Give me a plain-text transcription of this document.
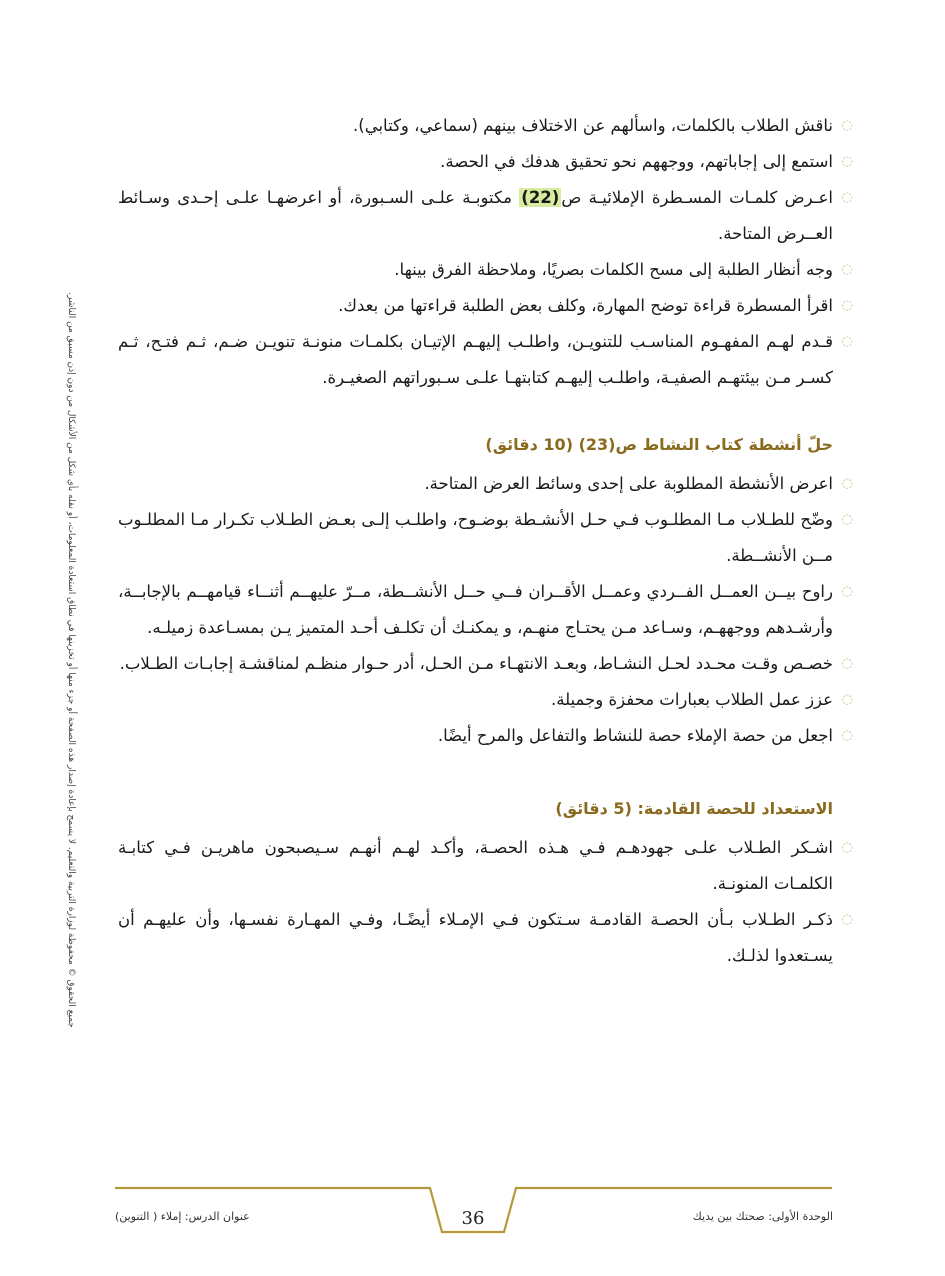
◌
ناقش الطلاب بالكلمات، واسألهم عن الاختلاف بينهم (سماعي، وكتابي).
◌
استمع إلى إجاباتهم، ووجههم نحو تحقيق هدفك في الحصة.
◌
اعـرض كلمـات المسـطرة الإملائيـة ص(22) مكتوبـة علـى السـبورة، أو اعرضهـا علـى إحـدى وسـائط العــرض المتاحة.
◌
وجه أنظار الطلبة إلى مسح الكلمات بصريًا، وملاحظة الفرق بينها.
◌
اقرأ المسطرة قراءة توضح المهارة، وكلف بعض الطلبة قراءتها من بعدك.
◌
قـدم لهـم المفهـوم المناسـب للتنويـن، واطلـب إليهـم الإتيـان بكلمـات منونـة تنويـن ضـم، ثـم فتـح، ثـم كسـر مـن بيئتهـم الصفيـة، واطلـب إليهـم كتابتهـا علـى سـبوراتهم الصغيـرة.
حلّ أنشطة كتاب النشاط ص(23) (10 دقائق)
◌
اعرض الأنشطة المطلوبة على إحدى وسائط العرض المتاحة.
◌
وضّح للطـلاب مـا المطلـوب فـي حـل الأنشـطة بوضـوح، واطلـب إلـى بعـض الطـلاب تكـرار مـا المطلـوب مــن الأنشــطة.
◌
راوح بيــن العمــل الفــردي وعمــل الأقــران فــي حــل الأنشــطة، مــرّ عليهــم أثنــاء قيامهــم بالإجابــة، وأرشـدهم ووجههـم، وسـاعد مـن يحتـاج منهـم، و يمكنـك أن تكلـف أحـد المتميز يـن بمسـاعدة زميلـه.
◌
خصـص وقـت محـدد لحـل النشـاط، وبعـد الانتهـاء مـن الحـل، أدر حـوار منظـم لمناقشـة إجابـات الطـلاب.
◌
عزز عمل الطلاب بعبارات محفزة وجميلة.
◌
اجعل من حصة الإملاء حصة للنشاط والتفاعل والمرح أيضًا.
الاستعداد للحصة القادمة: (5 دقائق)
◌
اشـكر الطـلاب علـى جهودهـم فـي هـذه الحصـة، وأكـد لهـم أنهـم سـيصبحون ماهريـن فـي كتابـة الكلمـات المنونـة.
◌
ذكـر الطـلاب بـأن الحصـة القادمـة سـتكون فـي الإمـلاء أيضًـا، وفـي المهـارة نفسـها، وأن عليهـم أن يسـتعدوا لذلـك.
جميع الحقوق © محفوظة لوزارة التربية والتعليم. لا يسمح بإعادة إصدار هذه الصفحة أو جزء منها أو تخزينها في نطاق استعادة المعلومات، أو نقله بأي شكل من الأشكال من دون إذن مسبق من الناشر.
عنوان الدرس: إملاء ( التنوين)	36	الوحدة الأولى: صحتك بين يديك
